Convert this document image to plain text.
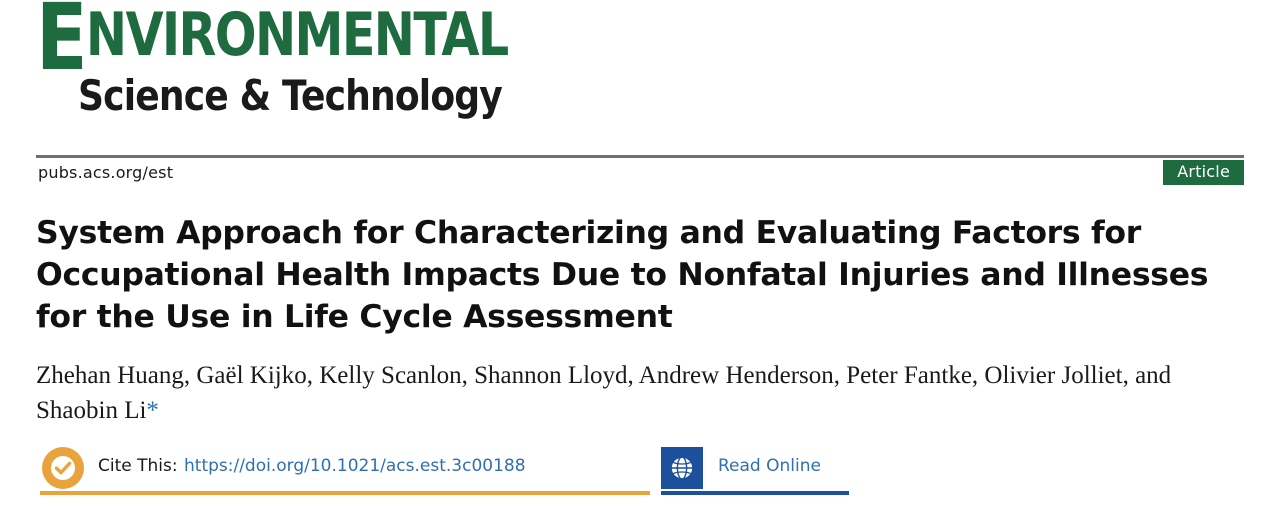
ENVIRONMENTAL
Science & Technology
pubs.acs.org/est	Article
System Approach for Characterizing and Evaluating Factors for Occupational Health Impacts Due to Nonfatal Injuries and Illnesses for the Use in Life Cycle Assessment
Zhehan Huang, Gaël Kijko, Kelly Scanlon, Shannon Lloyd, Andrew Henderson, Peter Fantke, Olivier Jolliet, and Shaobin Li*
Cite This: https://doi.org/10.1021/acs.est.3c00188	Read Online
